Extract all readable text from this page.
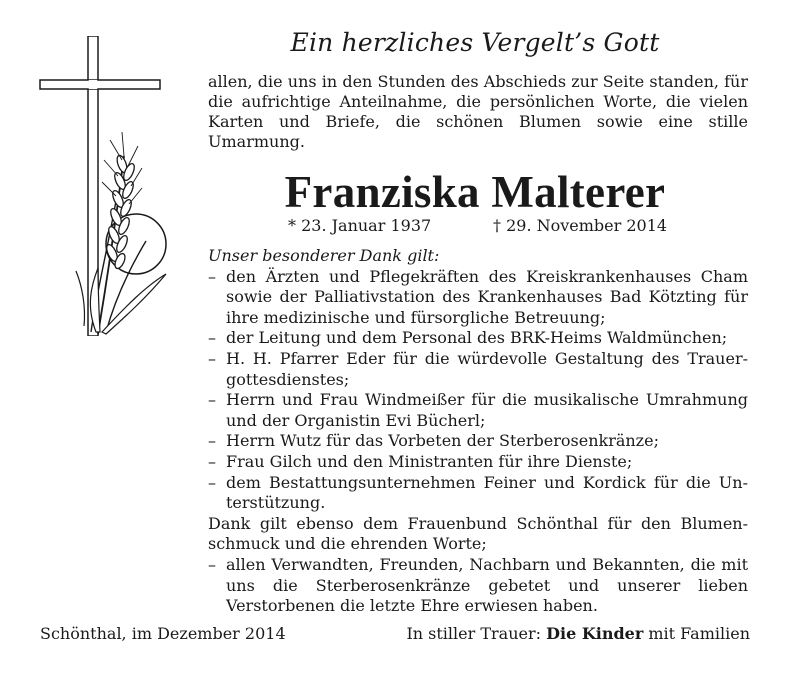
Ein herzliches Vergelt’s Gott
allen, die uns in den Stunden des Abschieds zur Seite standen, für die aufrichtige Anteilnahme, die persönlichen Worte, die vielen Karten und Briefe, die schönen Blumen sowie eine stille Umarmung.
Franziska Malterer
* 23. Januar 1937	† 29. November 2014
Unser besonderer Dank gilt:
– den Ärzten und Pflegekräften des Kreiskrankenhauses Cham sowie der Palliativstation des Krankenhauses Bad Kötzting für ihre medizinische und fürsorgliche Betreuung;
– der Leitung und dem Personal des BRK-Heims Waldmünchen;
– H. H. Pfarrer Eder für die würdevolle Gestaltung des Trauergottesdienstes;
– Herrn und Frau Windmeißer für die musikalische Umrahmung und der Organistin Evi Bücherl;
– Herrn Wutz für das Vorbeten der Sterberosenkränze;
– Frau Gilch und den Ministranten für ihre Dienste;
– dem Bestattungsunternehmen Feiner und Kordick für die Unterstützung.
Dank gilt ebenso dem Frauenbund Schönthal für den Blumenschmuck und die ehrenden Worte;
– allen Verwandten, Freunden, Nachbarn und Bekannten, die mit uns die Sterberosenkränze gebetet und unserer lieben Verstorbenen die letzte Ehre erwiesen haben.
Schönthal, im Dezember 2014	In stiller Trauer: Die Kinder mit Familien
